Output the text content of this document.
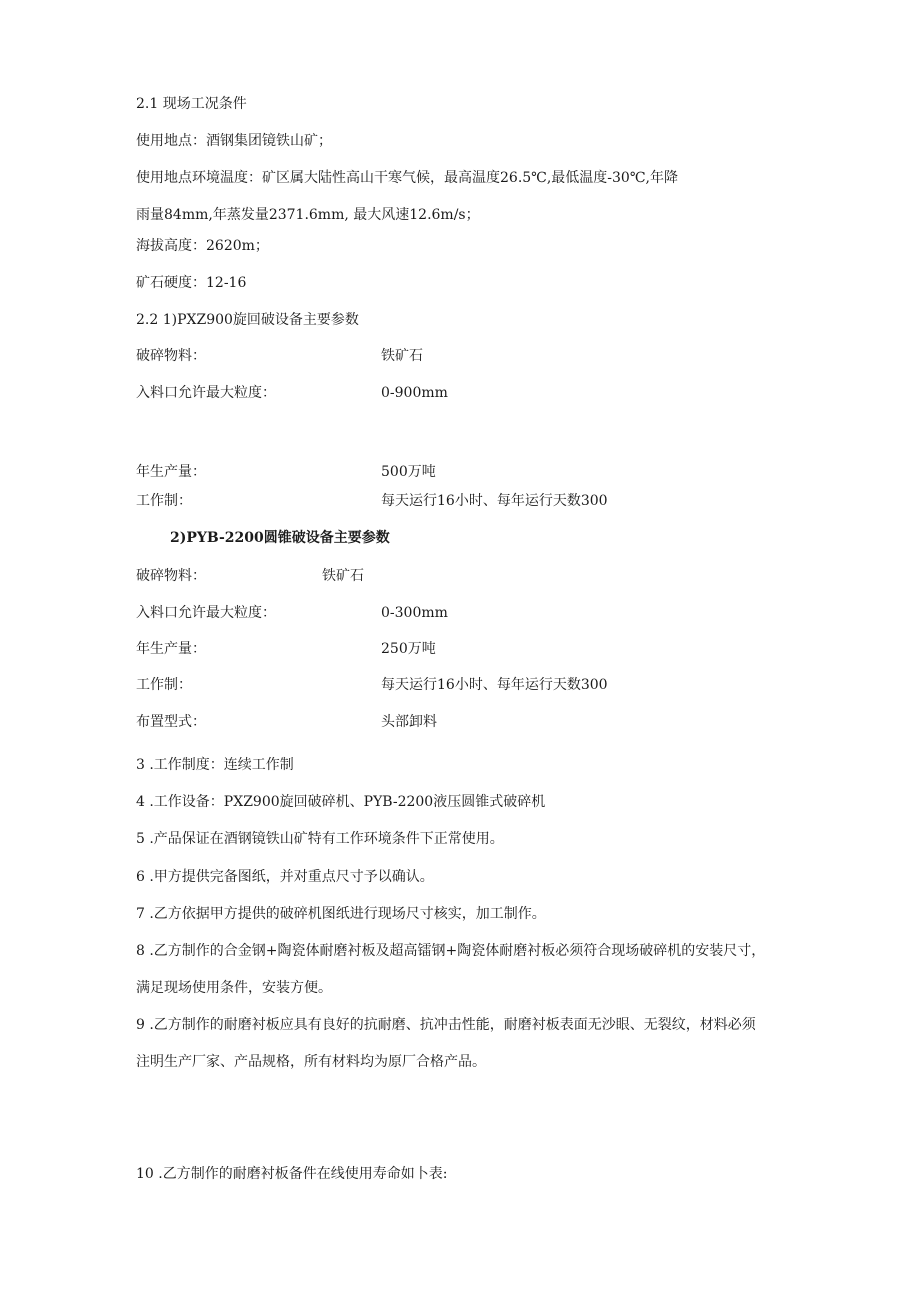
2.1 现场工况条件
使用地点：酒钢集团镜铁山矿；
使用地点环境温度：矿区属大陆性高山干寒气候，最高温度26.5℃,最低温度-30℃,年降
雨量84mm,年蒸发量2371.6mm, 最大风速12.6m/s；
海拔高度：2620m；
矿石硬度：12-16
2.2 1)PXZ900旋回破设备主要参数
破碎物料：	铁矿石
入料口允许最大粒度：	0-900mm
年生产量：	500万吨
工作制：	每天运行16小时、每年运行天数300
2)PYB-2200圆锥破设备主要参数
破碎物料：	铁矿石
入料口允许最大粒度：	0-300mm
年生产量：	250万吨
工作制：	每天运行16小时、每年运行天数300
布置型式：	头部卸料
3 .工作制度：连续工作制
4 .工作设备：PXZ900旋回破碎机、PYB-2200液压圆锥式破碎机
5 .产品保证在酒钢镜铁山矿特有工作环境条件下正常使用。
6 .甲方提供完备图纸，并对重点尺寸予以确认。
7 .乙方依据甲方提供的破碎机图纸进行现场尺寸核实，加工制作。
8 .乙方制作的合金钢+陶瓷体耐磨衬板及超高镭钢+陶瓷体耐磨衬板必须符合现场破碎机的安装尺寸，
满足现场使用条件，安装方便。
9 .乙方制作的耐磨衬板应具有良好的抗耐磨、抗冲击性能，耐磨衬板表面无沙眼、无裂纹，材料必须
注明生产厂家、产品规格，所有材料均为原厂合格产品。
10 .乙方制作的耐磨衬板备件在线使用寿命如卜表:
